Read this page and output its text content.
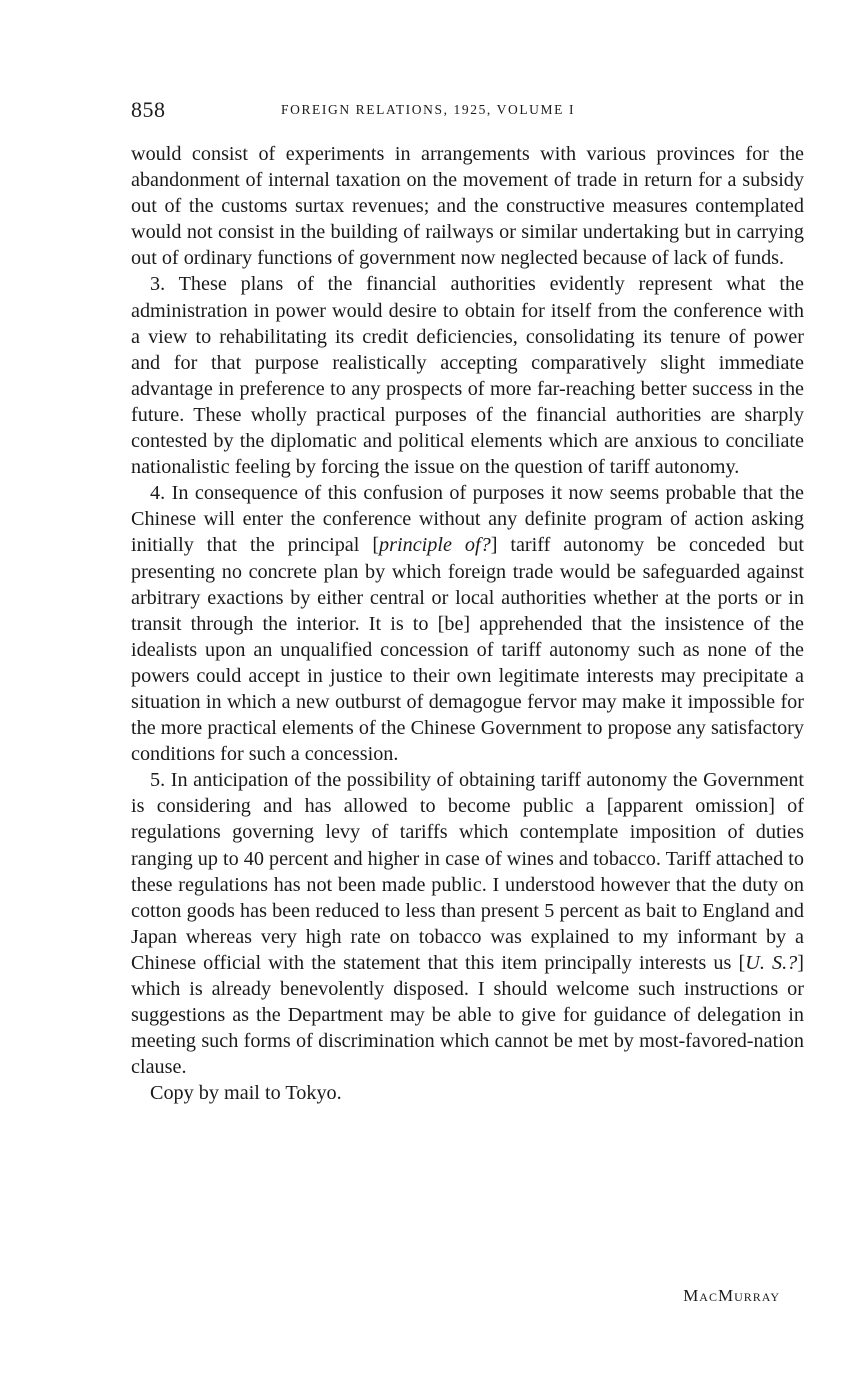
858	FOREIGN RELATIONS, 1925, VOLUME I

would consist of experiments in arrangements with various provinces for the abandonment of internal taxation on the movement of trade in return for a subsidy out of the customs surtax revenues; and the constructive measures contemplated would not consist in the building of railways or similar undertaking but in carrying out of ordinary functions of government now neglected because of lack of funds.

3. These plans of the financial authorities evidently represent what the administration in power would desire to obtain for itself from the conference with a view to rehabilitating its credit deficiencies, consolidating its tenure of power and for that purpose realistically accepting comparatively slight immediate advantage in preference to any prospects of more far-reaching better success in the future. These wholly practical purposes of the financial authorities are sharply contested by the diplomatic and political elements which are anxious to conciliate nationalistic feeling by forcing the issue on the question of tariff autonomy.

4. In consequence of this confusion of purposes it now seems probable that the Chinese will enter the conference without any definite program of action asking initially that the principal [principle of?] tariff autonomy be conceded but presenting no concrete plan by which foreign trade would be safeguarded against arbitrary exactions by either central or local authorities whether at the ports or in transit through the interior. It is to [be] apprehended that the insistence of the idealists upon an unqualified concession of tariff autonomy such as none of the powers could accept in justice to their own legitimate interests may precipitate a situation in which a new outburst of demagogue fervor may make it impossible for the more practical elements of the Chinese Government to propose any satisfactory conditions for such a concession.

5. In anticipation of the possibility of obtaining tariff autonomy the Government is considering and has allowed to become public a [apparent omission] of regulations governing levy of tariffs which contemplate imposition of duties ranging up to 40 percent and higher in case of wines and tobacco. Tariff attached to these regulations has not been made public. I understood however that the duty on cotton goods has been reduced to less than present 5 percent as bait to England and Japan whereas very high rate on tobacco was explained to my informant by a Chinese official with the statement that this item principally interests us [U. S.?] which is already benevolently disposed. I should welcome such instructions or suggestions as the Department may be able to give for guidance of delegation in meeting such forms of discrimination which cannot be met by most-favored-nation clause.

Copy by mail to Tokyo.

MacMurray
